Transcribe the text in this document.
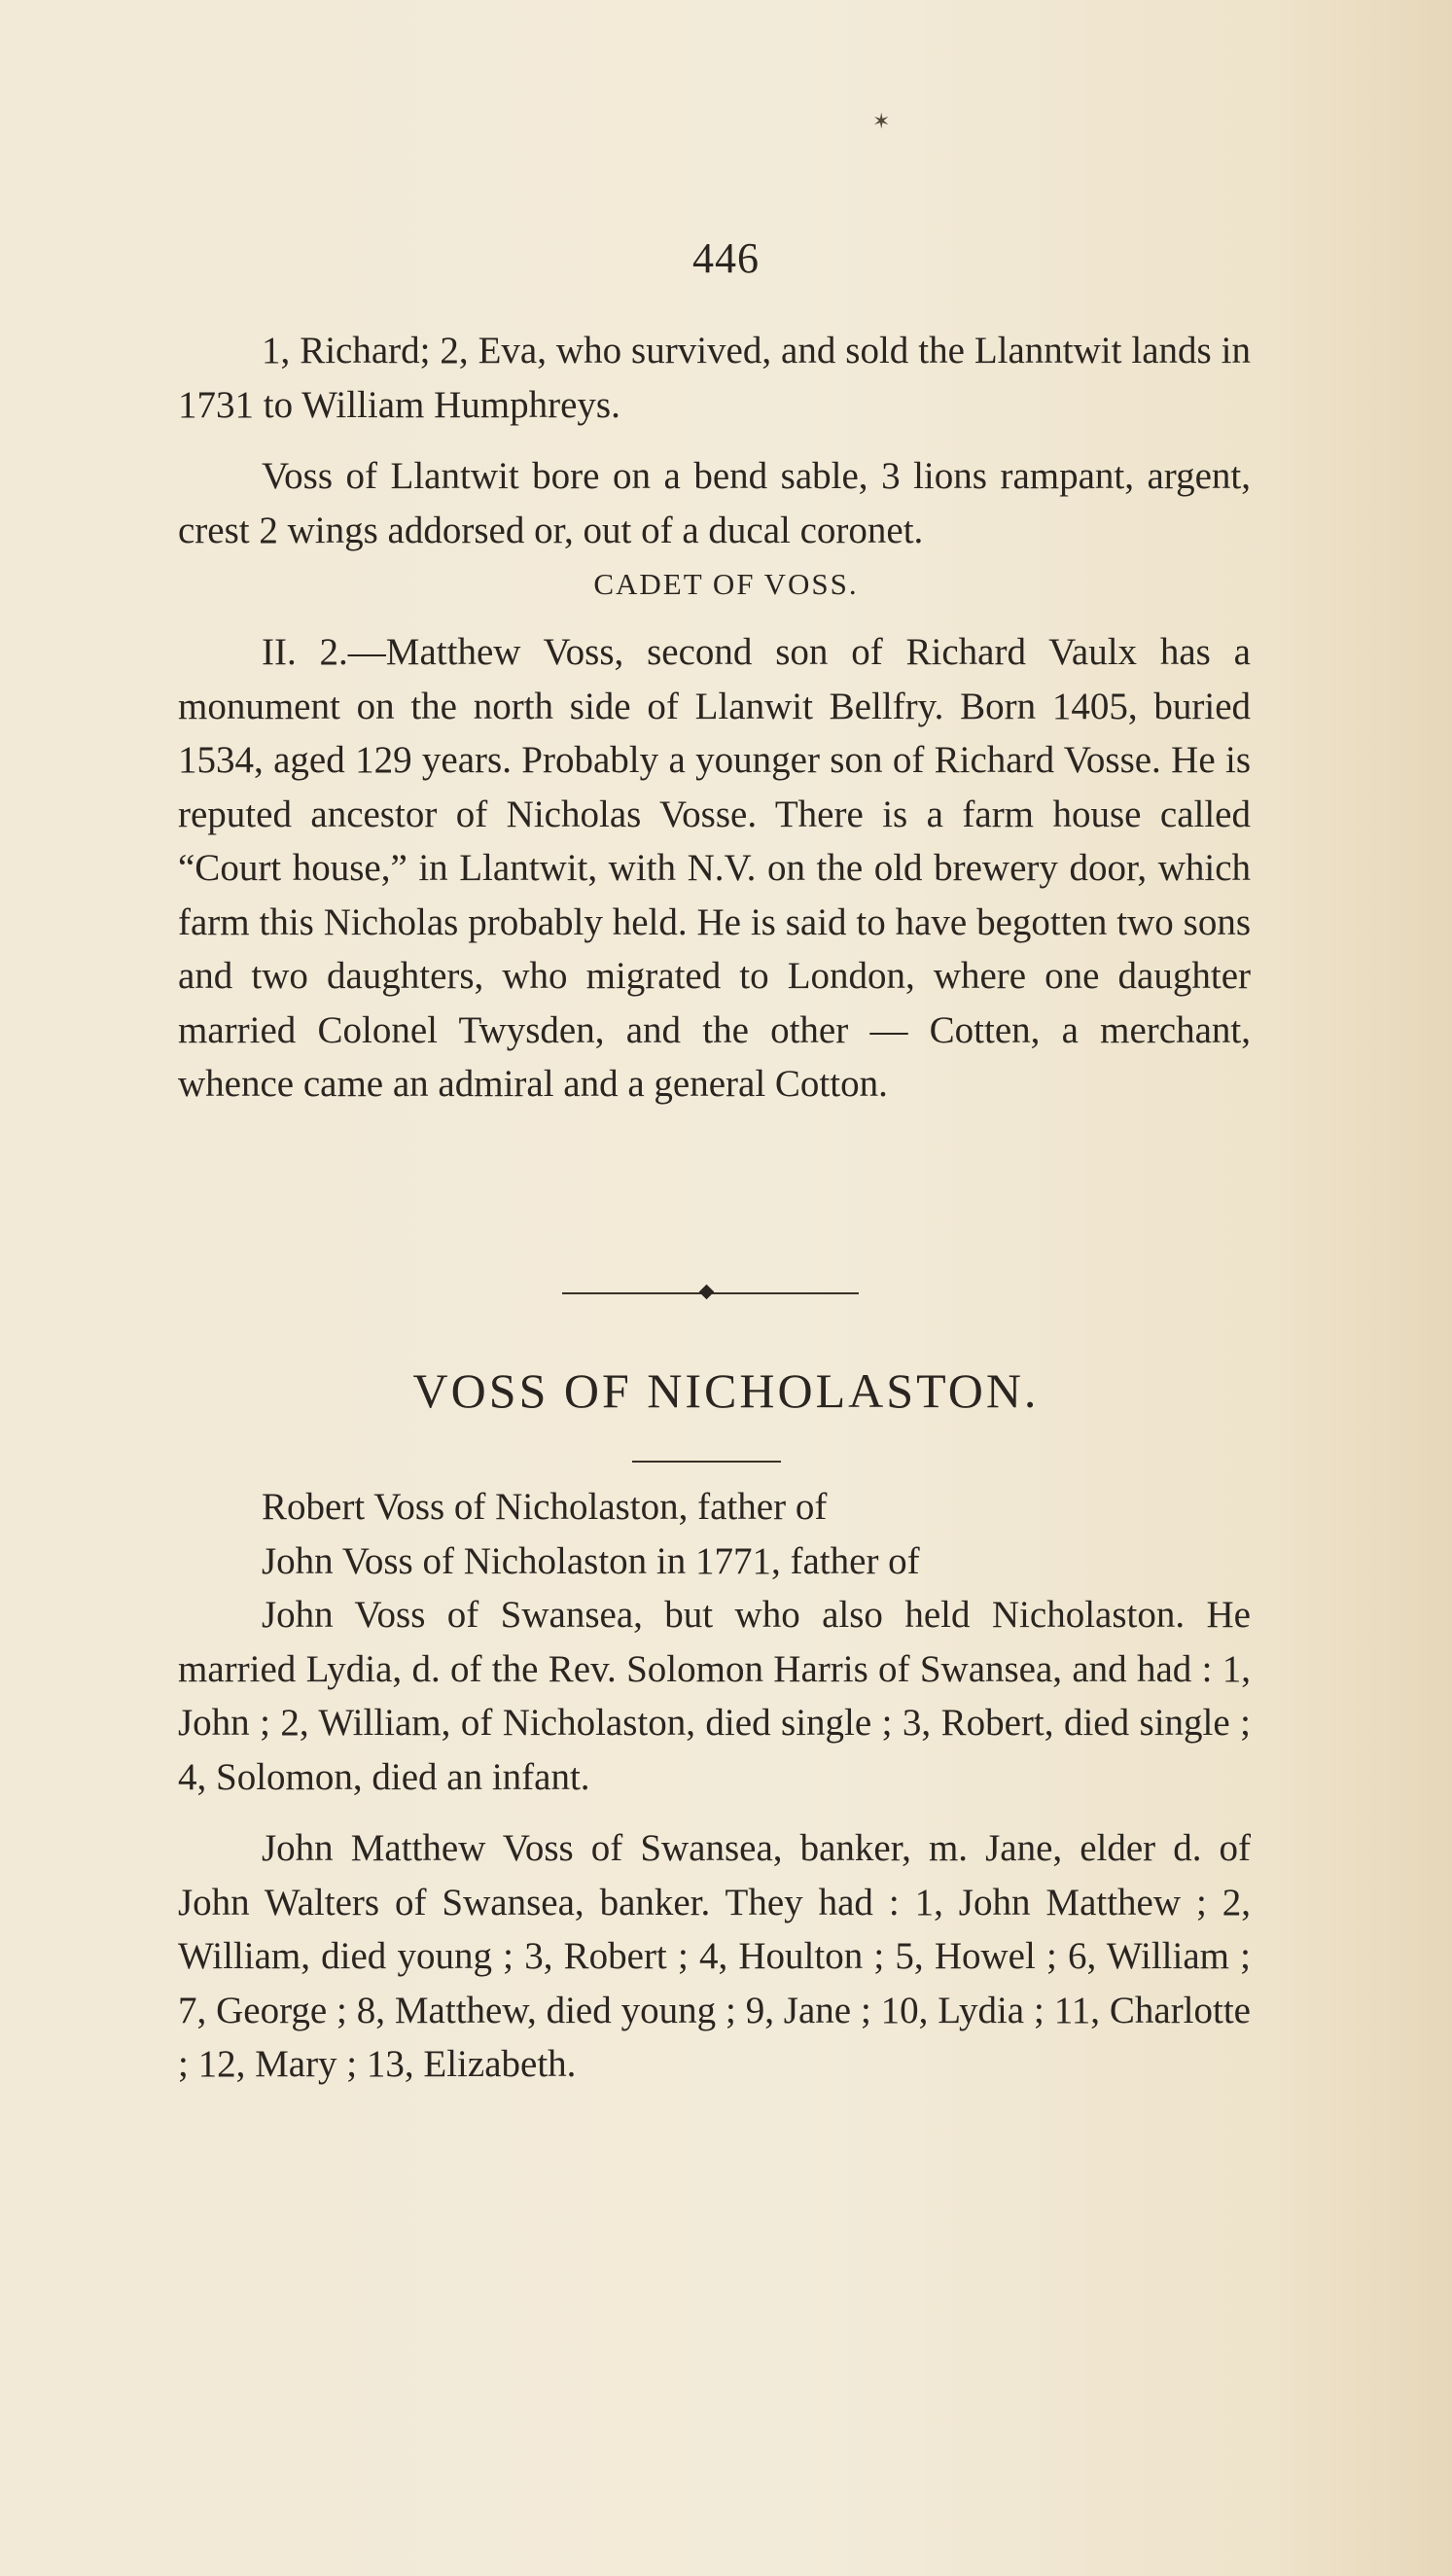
✶
446

1, Richard; 2, Eva, who survived, and sold the Llanntwit lands in 1731 to William Humphreys.

Voss of Llantwit bore on a bend sable, 3 lions rampant, argent, crest 2 wings addorsed or, out of a ducal coronet.

CADET OF VOSS.

II. 2.—Matthew Voss, second son of Richard Vaulx has a monument on the north side of Llanwit Bellfry. Born 1405, buried 1534, aged 129 years. Probably a younger son of Richard Vosse. He is reputed ancestor of Nicholas Vosse. There is a farm house called “Court house,” in Llantwit, with N.V. on the old brewery door, which farm this Nicholas probably held. He is said to have begotten two sons and two daughters, who migrated to London, where one daughter married Colonel Twysden, and the other — Cotten, a merchant, whence came an admiral and a general Cotton.

VOSS OF NICHOLASTON.
Robert Voss of Nicholaston, father of
John Voss of Nicholaston in 1771, father of

John Voss of Swansea, but who also held Nicholaston. He married Lydia, d. of the Rev. Solomon Harris of Swansea, and had : 1, John ; 2, William, of Nicholaston, died single ; 3, Robert, died single ; 4, Solomon, died an infant.

John Matthew Voss of Swansea, banker, m. Jane, elder d. of John Walters of Swansea, banker. They had : 1, John Matthew ; 2, William, died young ; 3, Robert ; 4, Houlton ; 5, Howel ; 6, William ; 7, George ; 8, Matthew, died young ; 9, Jane ; 10, Lydia ; 11, Charlotte ; 12, Mary ; 13, Elizabeth.
